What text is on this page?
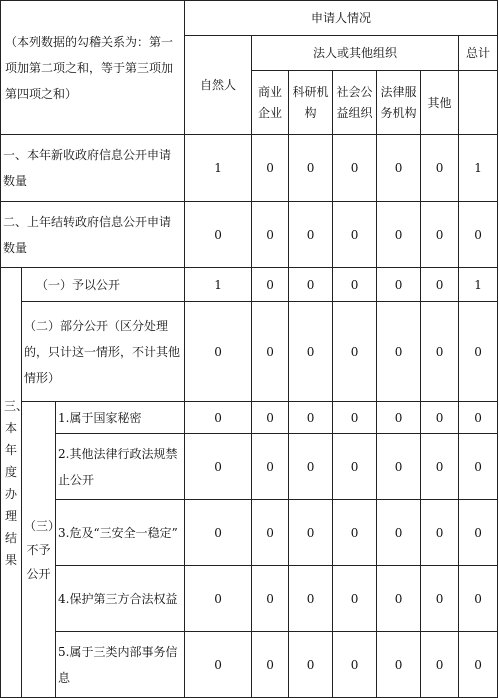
（本列数据的勾稽关系为：第一项加第二项之和，等于第三项加第四项之和）			申请人情况						
			自然人	法人或其他组织					总计
				商业企业	科研机构	社会公益组织	法律服务机构	其他	
一、本年新收政府信息公开申请数量			1	0	0	0	0	0	1
二、上年结转政府信息公开申请数量			0	0	0	0	0	0	0
三、本年度办理结果	（一）予以公开		1	0	0	0	0	0	1
	（二）部分公开（区分处理的，只计这一情形，不计其他情形）		0	0	0	0	0	0	0
	（三）不予公开	1.属于国家秘密	0	0	0	0	0	0	0
		2.其他法律行政法规禁止公开	0	0	0	0	0	0	0
		3.危及“三安全一稳定”	0	0	0	0	0	0	0
		4.保护第三方合法权益	0	0	0	0	0	0	0
		5.属于三类内部事务信息	0	0	0	0	0	0	0
